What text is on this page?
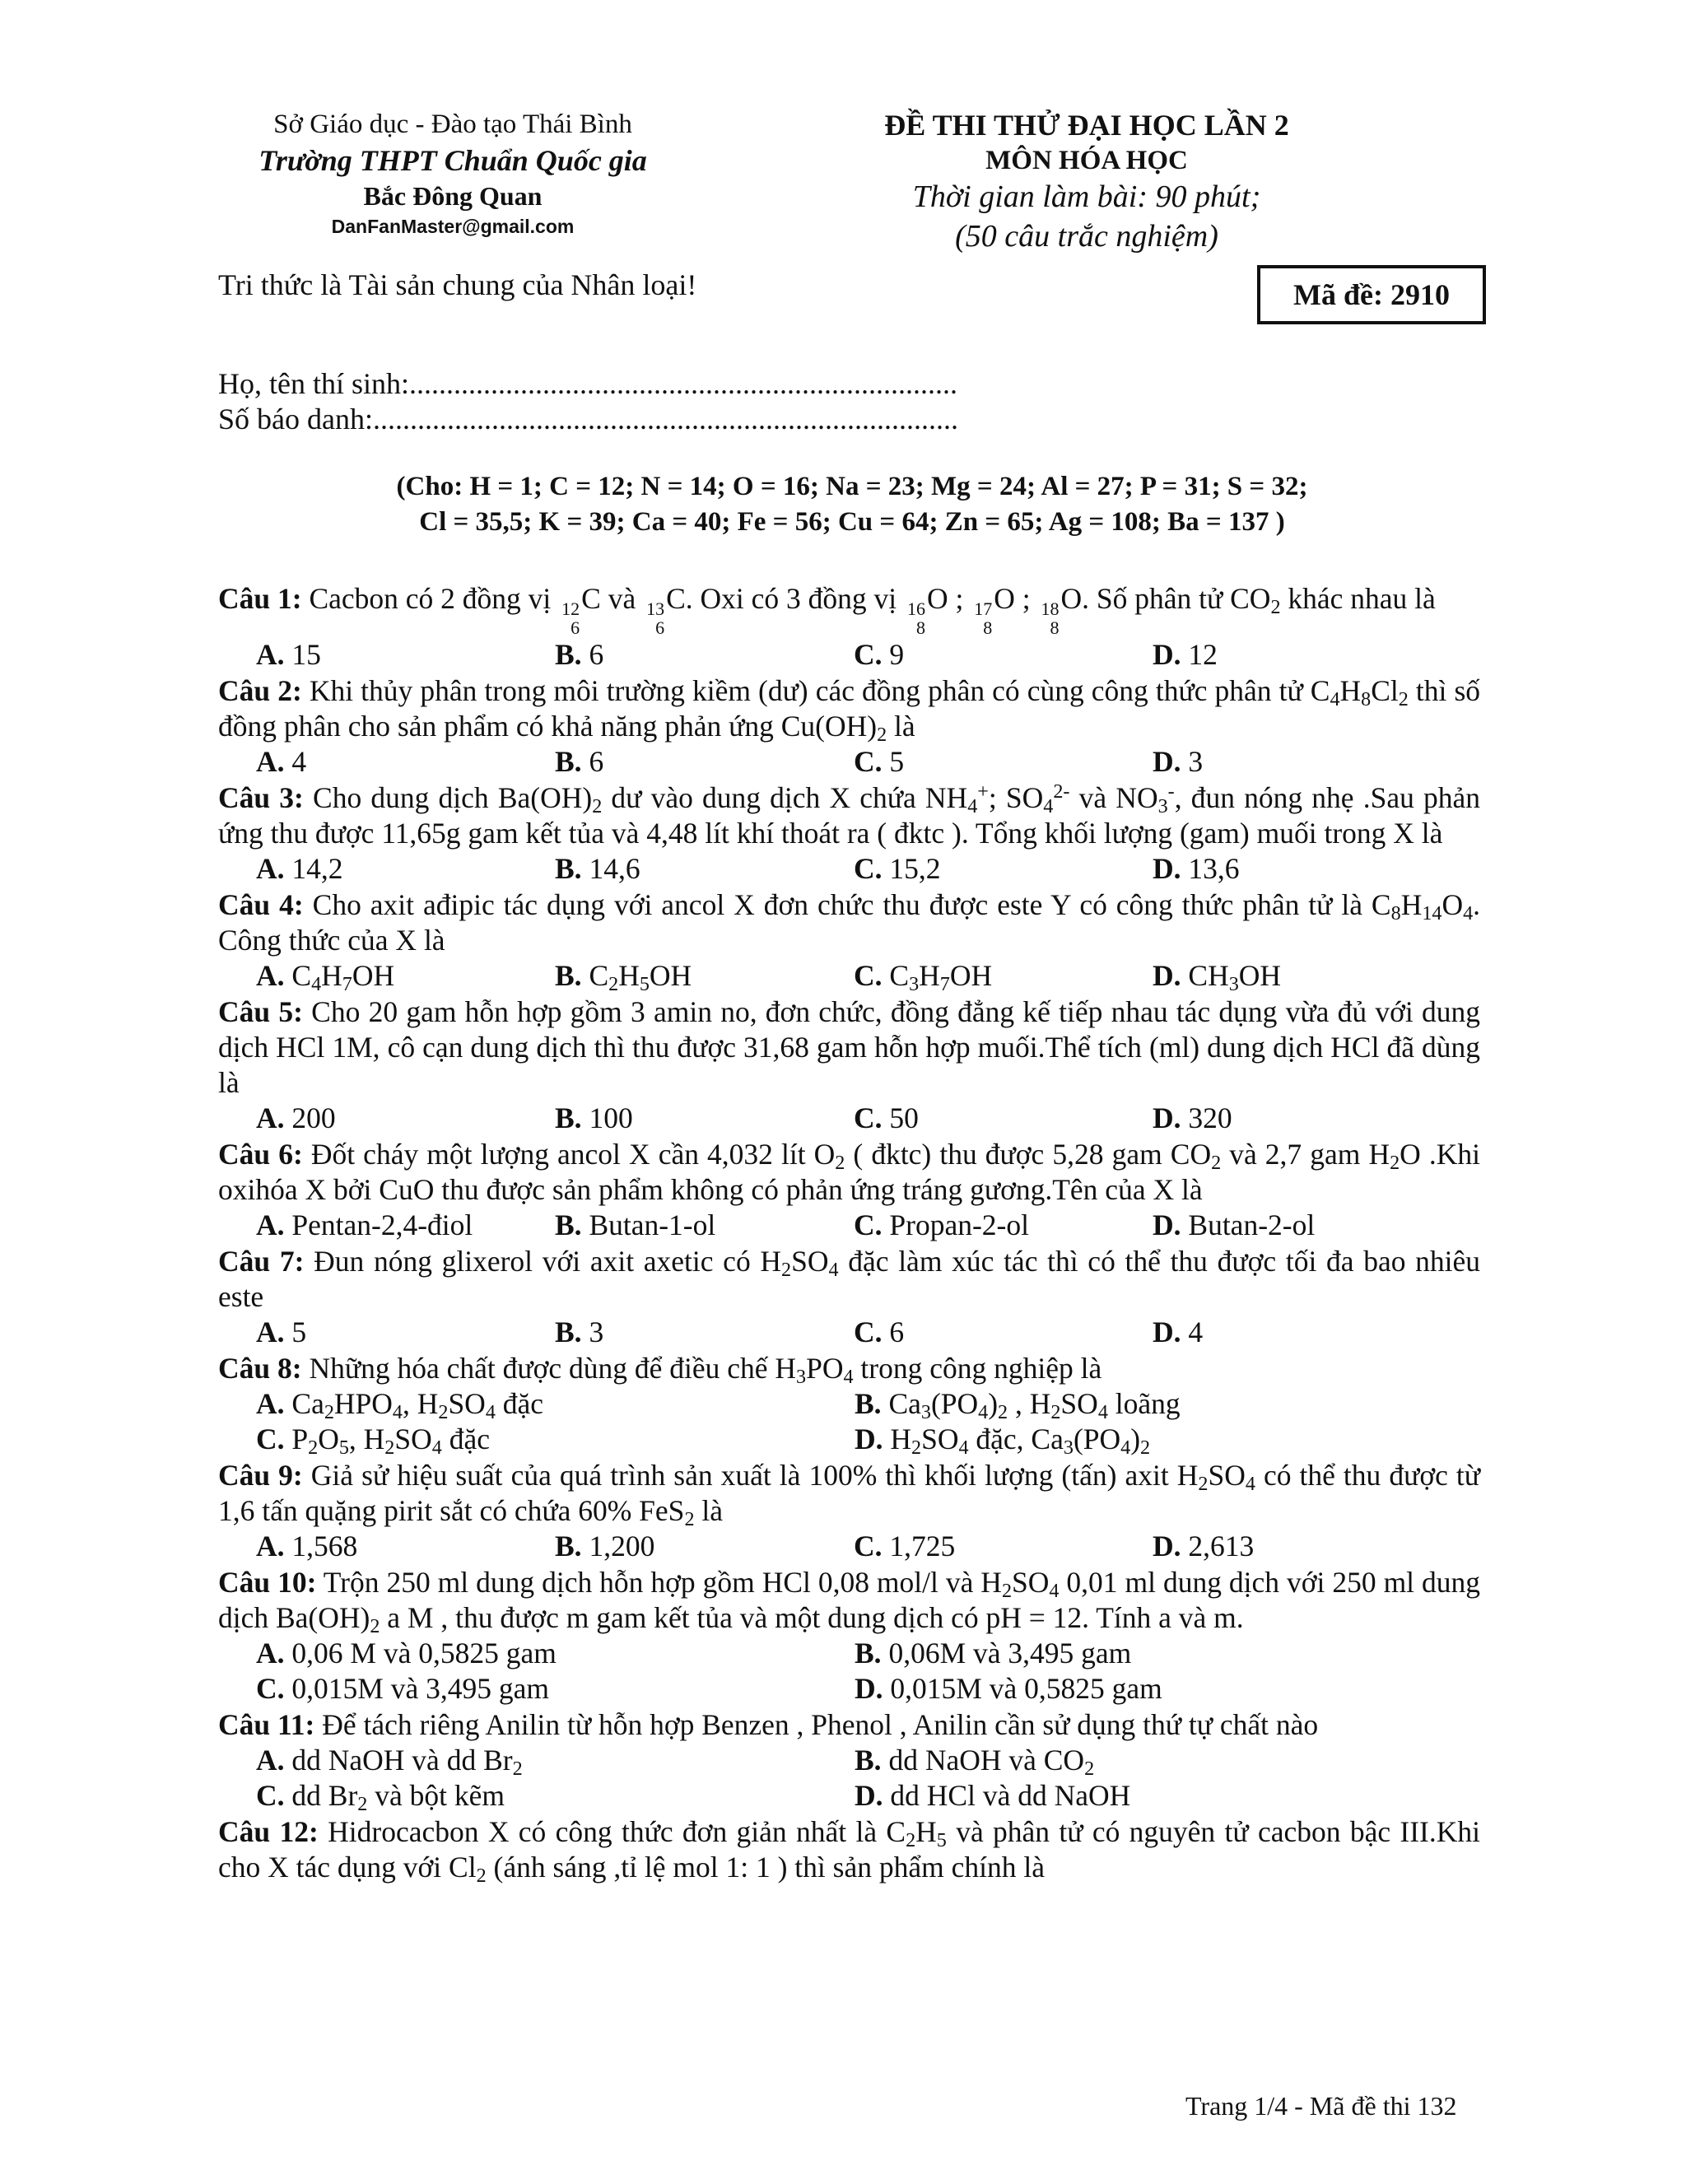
Sở Giáo dục - Đào tạo Thái Bình
Trường THPT Chuẩn Quốc gia
Bắc Đông Quan
DanFanMaster@gmail.com
ĐỀ THI THỬ ĐẠI HỌC LẦN 2
MÔN HÓA HỌC
Thời gian làm bài: 90 phút;
(50 câu trắc nghiệm)
Tri thức là Tài sản chung của Nhân loại!	Mã đề: 2910
Họ, tên thí sinh:..........................................................................
Số báo danh:...............................................................................
(Cho: H = 1; C = 12; N = 14; O = 16; Na = 23; Mg = 24; Al = 27; P = 31; S = 32;
Cl = 35,5; K = 39; Ca = 40; Fe = 56; Cu = 64; Zn = 65; Ag = 108; Ba = 137 )
Câu 1: Cacbon có 2 đồng vị 12
6
C và 13
6
C. Oxi có 3 đồng vị 16
8
O ; 17
8
O ; 18
8
O. Số phân tử $CO_2$ khác nhau là
A. 15	B. 6	C. 9	D. 12
Câu 2: Khi thủy phân trong môi trường kiềm (dư) các đồng phân có cùng công thức phân tử $C_4H_8Cl_2$ thì số đồng phân cho sản phẩm có khả năng phản ứng $Cu(OH)_2$ là
A. 4	B. 6	C. 5	D. 3
Câu 3: Cho dung dịch $Ba(OH)_2$ dư vào dung dịch X chứa $NH_4^+$; $SO_4^{2-}$ và $NO_3^-$, đun nóng nhẹ .Sau phản ứng thu được 11,65g gam kết tủa và 4,48 lít khí thoát ra ( đktc ). Tổng khối lượng (gam) muối trong X là
A. 14,2	B. 14,6	C. 15,2	D. 13,6
Câu 4: Cho axit ađipic tác dụng với ancol X đơn chức thu được este Y có công thức phân tử là $C_8H_{14}O_4$. Công thức của X là
A. $C_4H_7OH$	B. $C_2H_5OH$	C. $C_3H_7OH$	D. $CH_3OH$
Câu 5: Cho 20 gam hỗn hợp gồm 3 amin no, đơn chức, đồng đẳng kế tiếp nhau tác dụng vừa đủ với dung dịch HCl 1M, cô cạn dung dịch thì thu được 31,68 gam hỗn hợp muối.Thể tích (ml) dung dịch HCl đã dùng là
A. 200	B. 100	C. 50	D. 320
Câu 6: Đốt cháy một lượng ancol X cần 4,032 lít $O_2$ ( đktc) thu được 5,28 gam $CO_2$ và 2,7 gam $H_2O$ .Khi oxihóa X bởi CuO thu được sản phẩm không có phản ứng tráng gương.Tên của X là
A. Pentan-2,4-điol	B. Butan-1-ol	C. Propan-2-ol	D. Butan-2-ol
Câu 7: Đun nóng glixerol với axit axetic có $H_2SO_4$ đặc làm xúc tác thì có thể thu được tối đa bao nhiêu este
A. 5	B. 3	C. 6	D. 4
Câu 8: Những hóa chất được dùng để điều chế $H_3PO_4$ trong công nghiệp là
A. $Ca_2HPO_4$, $H_2SO_4$ đặc	B. $Ca_3(PO_4)_2$ , $H_2SO_4$ loãng
C. $P_2O_5$, $H_2SO_4$ đặc	D. $H_2SO_4$ đặc, $Ca_3(PO_4)_2$
Câu 9: Giả sử hiệu suất của quá trình sản xuất là 100% thì khối lượng (tấn) axit $H_2SO_4$ có thể thu được từ 1,6 tấn quặng pirit sắt có chứa 60% FeS$_2$ là
A. 1,568	B. 1,200	C. 1,725	D. 2,613
Câu 10: Trộn 250 ml dung dịch hỗn hợp gồm HCl 0,08 mol/l và $H_2SO_4$ 0,01 ml dung dịch với 250 ml dung dịch $Ba(OH)_2$ a M , thu được m gam kết tủa và một dung dịch có pH = 12. Tính a và m.
A. 0,06 M và 0,5825 gam	B. 0,06M và 3,495 gam
C. 0,015M và 3,495 gam	D. 0,015M và 0,5825 gam
Câu 11: Để tách riêng Anilin từ hỗn hợp Benzen , Phenol , Anilin cần sử dụng thứ tự chất nào
A. dd NaOH và dd $Br_2$	B. dd NaOH và $CO_2$
C. dd $Br_2$ và bột kẽm	D. dd HCl và dd NaOH
Câu 12: Hidrocacbon X có công thức đơn giản nhất là $C_2H_5$ và phân tử có nguyên tử cacbon bậc III.Khi cho X tác dụng với $Cl_2$ (ánh sáng ,tỉ lệ mol 1: 1 ) thì sản phẩm chính là
Trang 1/4 - Mã đề thi 132
